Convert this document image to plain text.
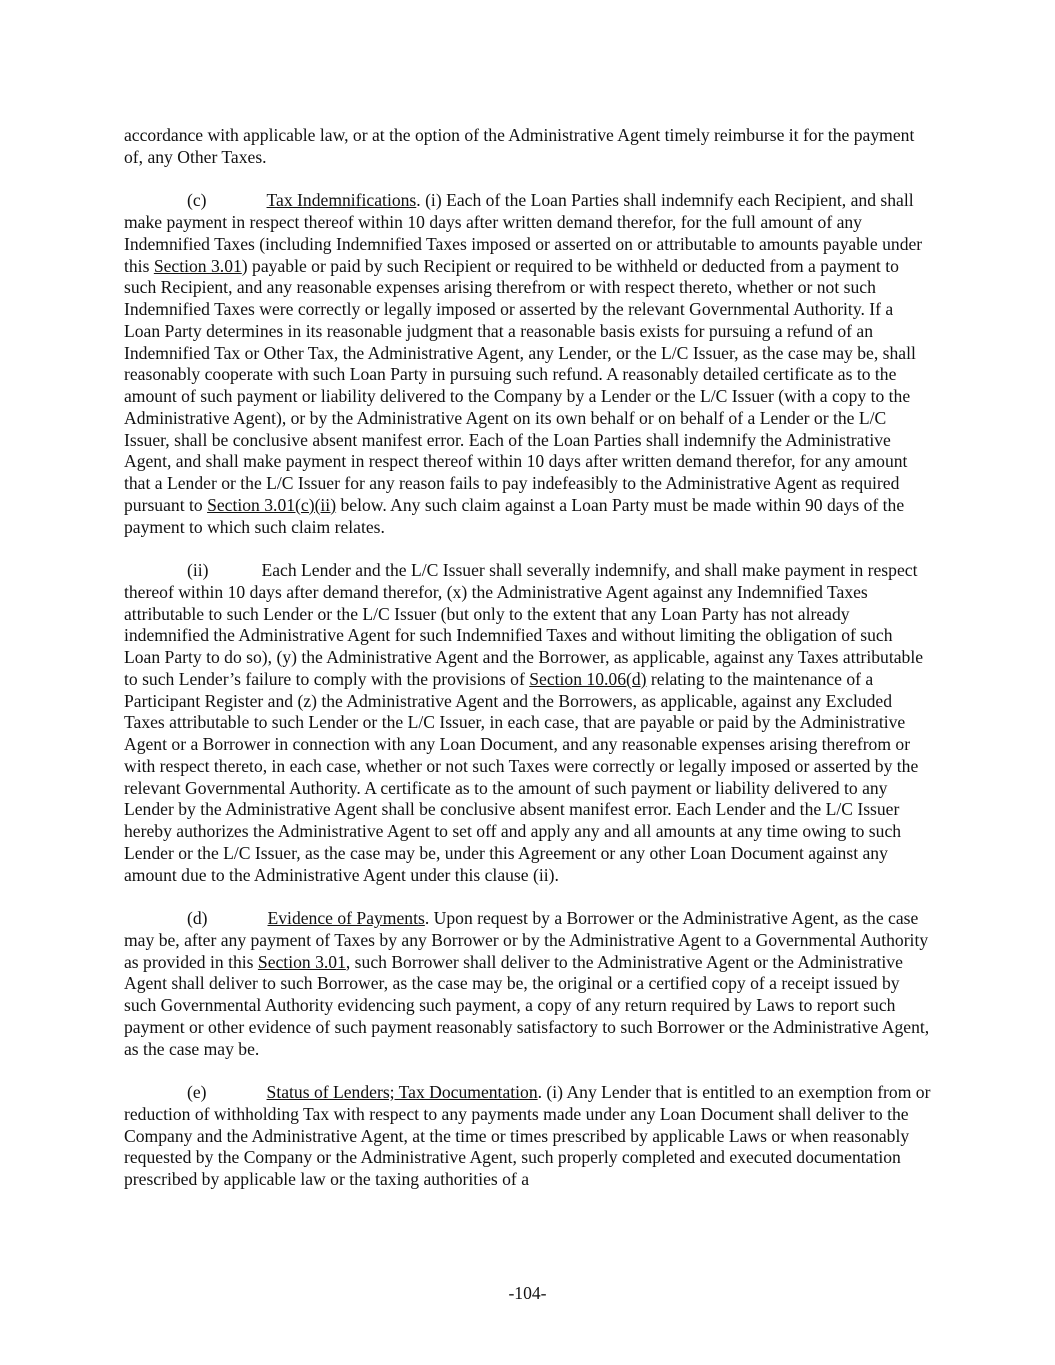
accordance with applicable law, or at the option of the Administrative Agent timely reimburse it for the payment of, any Other Taxes.

(c)	Tax Indemnifications. (i) Each of the Loan Parties shall indemnify each Recipient, and shall make payment in respect thereof within 10 days after written demand therefor, for the full amount of any Indemnified Taxes (including Indemnified Taxes imposed or asserted on or attributable to amounts payable under this Section 3.01) payable or paid by such Recipient or required to be withheld or deducted from a payment to such Recipient, and any reasonable expenses arising therefrom or with respect thereto, whether or not such Indemnified Taxes were correctly or legally imposed or asserted by the relevant Governmental Authority. If a Loan Party determines in its reasonable judgment that a reasonable basis exists for pursuing a refund of an Indemnified Tax or Other Tax, the Administrative Agent, any Lender, or the L/C Issuer, as the case may be, shall reasonably cooperate with such Loan Party in pursuing such refund. A reasonably detailed certificate as to the amount of such payment or liability delivered to the Company by a Lender or the L/C Issuer (with a copy to the Administrative Agent), or by the Administrative Agent on its own behalf or on behalf of a Lender or the L/C Issuer, shall be conclusive absent manifest error. Each of the Loan Parties shall indemnify the Administrative Agent, and shall make payment in respect thereof within 10 days after written demand therefor, for any amount that a Lender or the L/C Issuer for any reason fails to pay indefeasibly to the Administrative Agent as required pursuant to Section 3.01(c)(ii) below. Any such claim against a Loan Party must be made within 90 days of the payment to which such claim relates.

(ii)	Each Lender and the L/C Issuer shall severally indemnify, and shall make payment in respect thereof within 10 days after demand therefor, (x) the Administrative Agent against any Indemnified Taxes attributable to such Lender or the L/C Issuer (but only to the extent that any Loan Party has not already indemnified the Administrative Agent for such Indemnified Taxes and without limiting the obligation of such Loan Party to do so), (y) the Administrative Agent and the Borrower, as applicable, against any Taxes attributable to such Lender’s failure to comply with the provisions of Section 10.06(d) relating to the maintenance of a Participant Register and (z) the Administrative Agent and the Borrowers, as applicable, against any Excluded Taxes attributable to such Lender or the L/C Issuer, in each case, that are payable or paid by the Administrative Agent or a Borrower in connection with any Loan Document, and any reasonable expenses arising therefrom or with respect thereto, in each case, whether or not such Taxes were correctly or legally imposed or asserted by the relevant Governmental Authority. A certificate as to the amount of such payment or liability delivered to any Lender by the Administrative Agent shall be conclusive absent manifest error. Each Lender and the L/C Issuer hereby authorizes the Administrative Agent to set off and apply any and all amounts at any time owing to such Lender or the L/C Issuer, as the case may be, under this Agreement or any other Loan Document against any amount due to the Administrative Agent under this clause (ii).

(d)	Evidence of Payments. Upon request by a Borrower or the Administrative Agent, as the case may be, after any payment of Taxes by any Borrower or by the Administrative Agent to a Governmental Authority as provided in this Section 3.01, such Borrower shall deliver to the Administrative Agent or the Administrative Agent shall deliver to such Borrower, as the case may be, the original or a certified copy of a receipt issued by such Governmental Authority evidencing such payment, a copy of any return required by Laws to report such payment or other evidence of such payment reasonably satisfactory to such Borrower or the Administrative Agent, as the case may be.

(e)	Status of Lenders; Tax Documentation. (i) Any Lender that is entitled to an exemption from or reduction of withholding Tax with respect to any payments made under any Loan Document shall deliver to the Company and the Administrative Agent, at the time or times prescribed by applicable Laws or when reasonably requested by the Company or the Administrative Agent, such properly completed and executed documentation prescribed by applicable law or the taxing authorities of a

-104-
